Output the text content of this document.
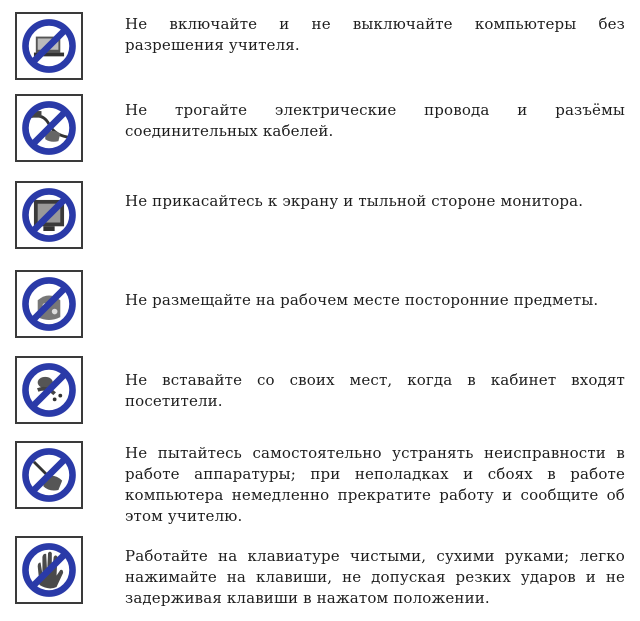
Не включайте и не выключайте компьютеры без разрешения учителя.

Не трогайте электрические провода и разъёмы соединительных кабелей.

Не прикасайтесь к экрану и тыльной стороне монитора.

Не размещайте на рабочем месте посторонние предметы.

Не вставайте со своих мест, когда в кабинет входят посетители.

Не пытайтесь самостоятельно устранять неисправности в работе аппаратуры; при неполадках и сбоях в работе компьютера немедленно прекратите работу и сообщите об этом учителю.

Работайте на клавиатуре чистыми, сухими руками; легко нажимайте на клавиши, не допуская резких ударов и не задерживая клавиши в нажатом положении.
